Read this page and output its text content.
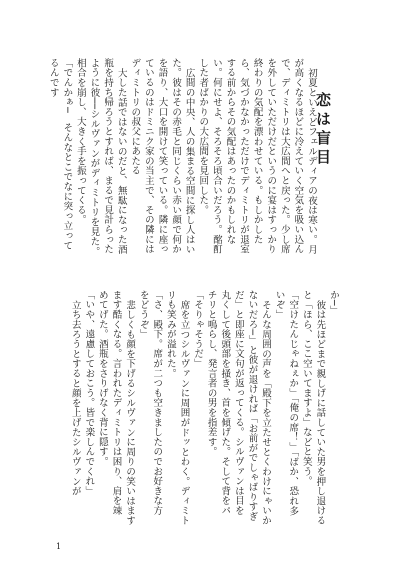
恋は盲目

初夏といえどフェルディアの夜は寒い。月が高くなるほどに冷えていく空気を吸い込んで、ディミトリは大広間へと戻った。少し席を外していただけだというのに宴はすっかり終わりの気配を漂わせている。もしかしたら、気づかなかっただけでディミトリが退室する前からその気配はあったのかもしれない。何にせよ、そろそろ頃合いだろう。酩酊した者ばかりの大広間を見回した。

広間の中央、人の集まる空間に探し人はいた。彼はその赤毛と同じくらい赤い顔で何かを語り、大口を開けて笑っている。隣に座っているのはドミニク家の当主で、その隣にはディミトリの叔父にあたる

大した話ではないのだと、無駄になった酒瓶を持ち帰ろうとすれば、まるで見計らったように彼──シルヴァンがディミトリを見た。相合を崩し、大きく手を振ってくる。

「でんかぁ─　そんなとこでなに突っ立ってるんです

か─」

彼は先ほどまで親しげに話していた男を押し退けると「ほら、ここ空いてますよ」などと笑う。

「空けたんじゃねぇか」「俺の席！」「ばか、恐れ多いぞ」

そんな周囲の声を「殿下を立たせとくわけにゃいかないだろ─」と彼が退ければ「お前がでしゃばりすぎだ」と即座に文句が返ってくる。シルヴァンは目を丸くして後頭部を掻き、首を傾げた。そして背をパチリと鳴らし、発言者の男を指差す。

「そりゃそうだ」

席を立つシルヴァンに周囲がドッとわく。ディミトリも笑みが溢れた。

「さ、殿下。席が二つも空きましたのでお好きな方をどうぞ」

悲しくも顔を下げるシルヴァンに周りの笑いはますます酷くなる。言われたディミトリは困り、肩を竦めてげた。酒瓶をさりげなく背に隠す。

「いや、遠慮しておこう。皆で楽しんでくれ」

立ち去ろうとすると顔を上げたシルヴァンが

1
